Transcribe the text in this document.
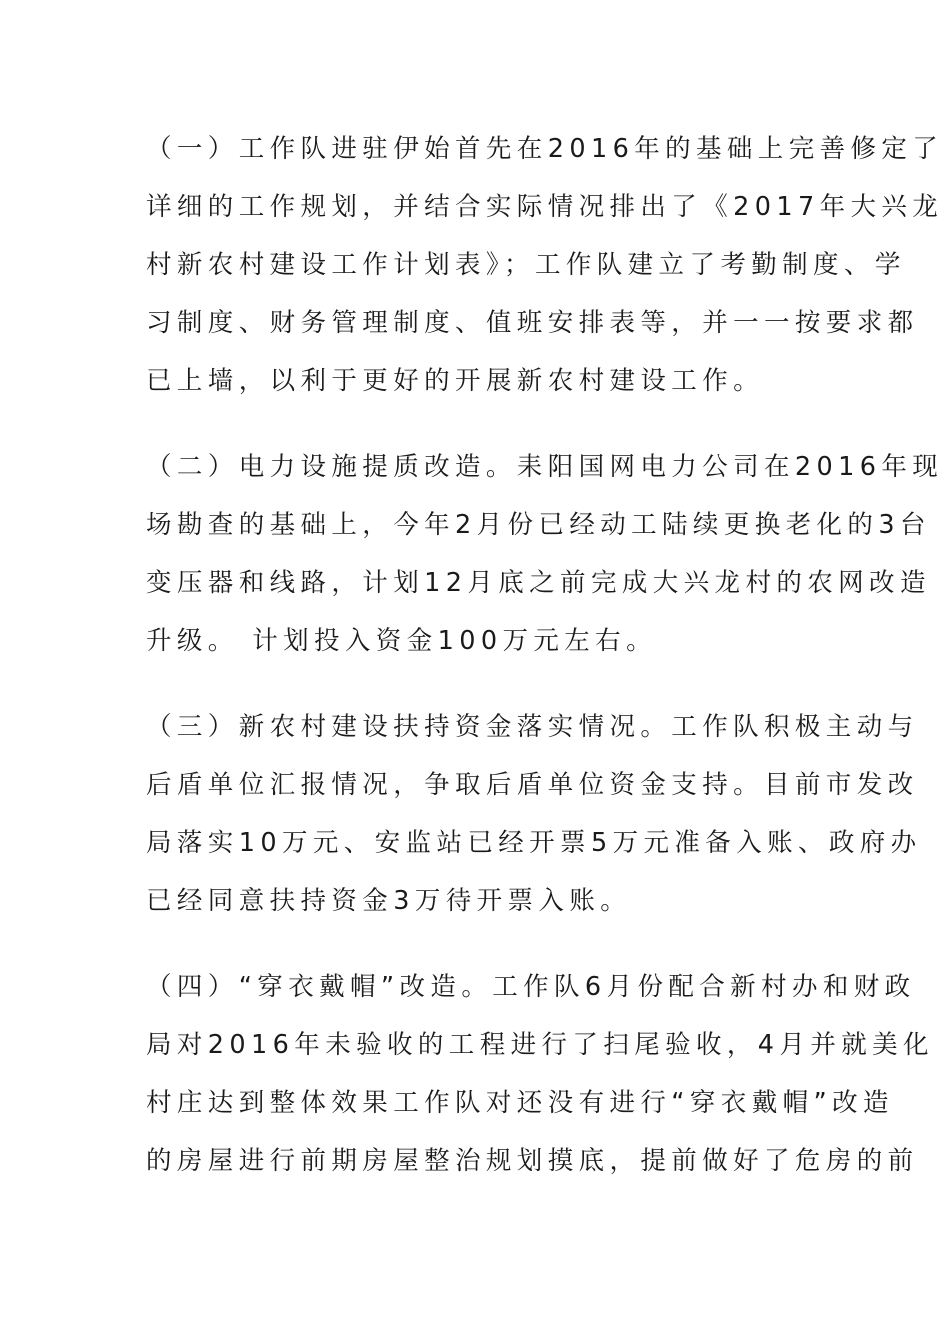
（一）工作队进驻伊始首先在2016年的基础上完善修定了
详细的工作规划，并结合实际情况排出了《2017年大兴龙
村新农村建设工作计划表》；工作队建立了考勤制度、学
习制度、财务管理制度、值班安排表等，并一一按要求都
已上墙，以利于更好的开展新农村建设工作。

（二）电力设施提质改造。耒阳国网电力公司在2016年现
场勘查的基础上，今年2月份已经动工陆续更换老化的3台
变压器和线路，计划12月底之前完成大兴龙村的农网改造
升级。 计划投入资金100万元左右。

（三）新农村建设扶持资金落实情况。工作队积极主动与
后盾单位汇报情况，争取后盾单位资金支持。目前市发改
局落实10万元、安监站已经开票5万元准备入账、政府办
已经同意扶持资金3万待开票入账。

（四）“穿衣戴帽”改造。工作队6月份配合新村办和财政
局对2016年未验收的工程进行了扫尾验收，4月并就美化
村庄达到整体效果工作队对还没有进行“穿衣戴帽”改造
的房屋进行前期房屋整治规划摸底，提前做好了危房的前
